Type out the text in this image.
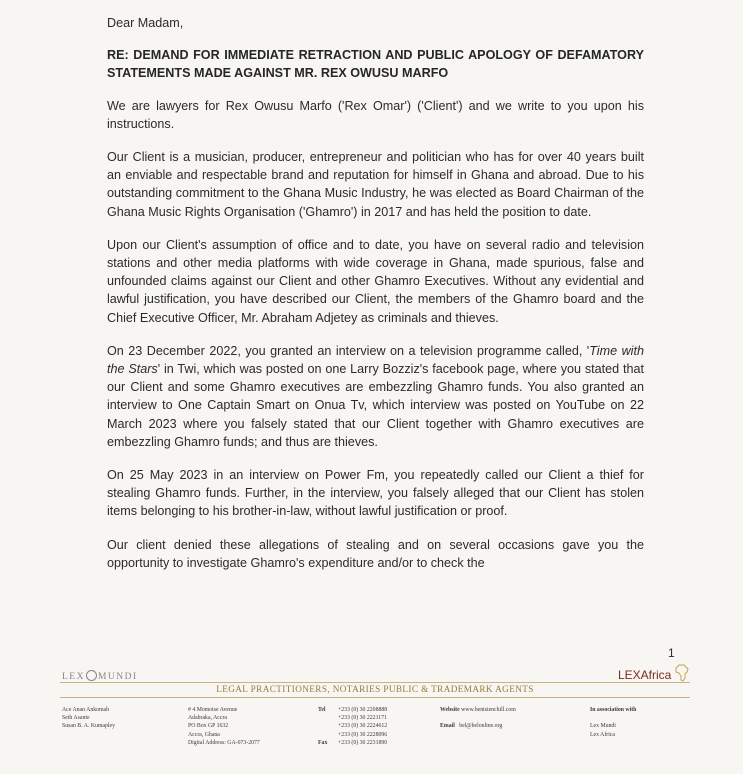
Dear Madam,

RE: DEMAND FOR IMMEDIATE RETRACTION AND PUBLIC APOLOGY OF DEFAMATORY STATEMENTS MADE AGAINST MR. REX OWUSU MARFO

We are lawyers for Rex Owusu Marfo ('Rex Omar') ('Client') and we write to you upon his instructions.

Our Client is a musician, producer, entrepreneur and politician who has for over 40 years built an enviable and respectable brand and reputation for himself in Ghana and abroad. Due to his outstanding commitment to the Ghana Music Industry, he was elected as Board Chairman of the Ghana Music Rights Organisation ('Ghamro') in 2017 and has held the position to date.

Upon our Client's assumption of office and to date, you have on several radio and television stations and other media platforms with wide coverage in Ghana, made spurious, false and unfounded claims against our Client and other Ghamro Executives. Without any evidential and lawful justification, you have described our Client, the members of the Ghamro board and the Chief Executive Officer, Mr. Abraham Adjetey as criminals and thieves.

On 23 December 2022, you granted an interview on a television programme called, 'Time with the Stars' in Twi, which was posted on one Larry Bozziz's facebook page, where you stated that our Client and some Ghamro executives are embezzling Ghamro funds. You also granted an interview to One Captain Smart on Onua Tv, which interview was posted on YouTube on 22 March 2023 where you falsely stated that our Client together with Ghamro executives are embezzling Ghamro funds; and thus are thieves.

On 25 May 2023 in an interview on Power Fm, you repeatedly called our Client a thief for stealing Ghamro funds. Further, in the interview, you falsely alleged that our Client has stolen items belonging to his brother-in-law, without lawful justification or proof.

Our client denied these allegations of stealing and on several occasions gave you the opportunity to investigate Ghamro's expenditure and/or to check the

1
LEX MUNDI	LEXAfrica
LEGAL PRACTITIONERS, NOTARIES PUBLIC & TRADEMARK AGENTS
Ace Anan Ankomah
Seth Asante
Susan B. A. Kumapley
# 4 Momotse Avenue
Adabraka, Accra
PO Box GP 1632
Accra, Ghana
Digital Address: GA-073-2077
Tel +233 (0) 30 2208888
+233 (0) 30 2221171
+233 (0) 30 2224612
+233 (0) 30 2228096
Fax +233 (0) 30 2231890
Website www.bentsienchill.com

Email bel@belonline.org
In association with

Lex Mundi
Lex Africa
